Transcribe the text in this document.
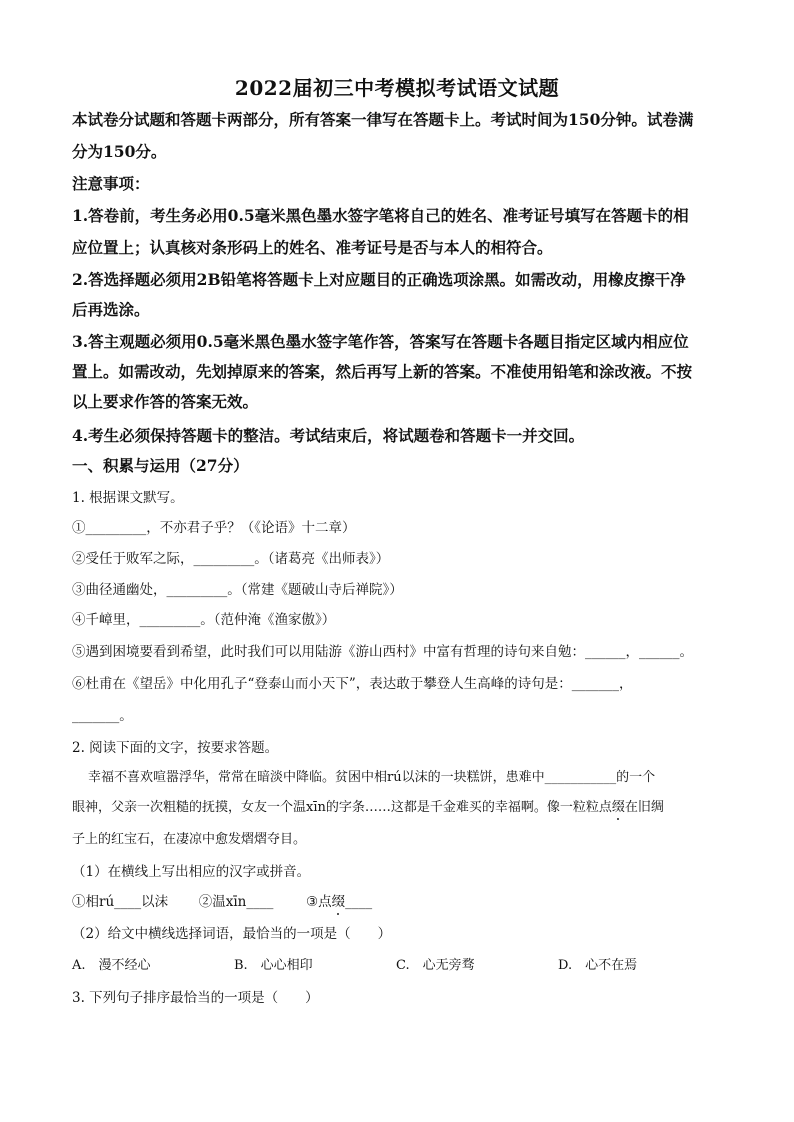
2022届初三中考模拟考试语文试题
本试卷分试题和答题卡两部分，所有答案一律写在答题卡上。考试时间为150分钟。试卷满
分为150分。
注意事项：
1.答卷前，考生务必用0.5毫米黑色墨水签字笔将自己的姓名、准考证号填写在答题卡的相
应位置上；认真核对条形码上的姓名、准考证号是否与本人的相符合。
2.答选择题必须用2B铅笔将答题卡上对应题目的正确选项涂黑。如需改动，用橡皮擦干净
后再选涂。
3.答主观题必须用0.5毫米黑色墨水签字笔作答，答案写在答题卡各题目指定区域内相应位
置上。如需改动，先划掉原来的答案，然后再写上新的答案。不准使用铅笔和涂改液。不按
以上要求作答的答案无效。
4.考生必须保持答题卡的整洁。考试结束后，将试题卷和答题卡一并交回。
一、积累与运用（27分）
1. 根据课文默写。
①_________，不亦君子乎？（《论语》十二章）
②受任于败军之际，_________。（诸葛亮《出师表》）
③曲径通幽处，_________。（常建《题破山寺后禅院》）
④千嶂里，_________。（范仲淹《渔家傲》）
⑤遇到困境要看到希望，此时我们可以用陆游《游山西村》中富有哲理的诗句来自勉：______，______。
⑥杜甫在《望岳》中化用孔子“登泰山而小天下”，表达敢于攀登人生高峰的诗句是：_______，
_______。
2. 阅读下面的文字，按要求答题。
幸福不喜欢喧嚣浮华，常常在暗淡中降临。贫困中相rú以沫的一块糕饼，患难中___________的一个
眼神，父亲一次粗糙的抚摸，女友一个温xīn的字条……这都是千金难买的幸福啊。像一粒粒点缀在旧绸
子上的红宝石，在凄凉中愈发熠熠夺目。
（1）在横线上写出相应的汉字或拼音。
①相rú____以沫 ②温xīn____ ③点缀____
（2）给文中横线选择词语，最恰当的一项是（　　）
A.　漫不经心	B.　心心相印	C.　心无旁骛	D.　心不在焉
3. 下列句子排序最恰当的一项是（　　）
